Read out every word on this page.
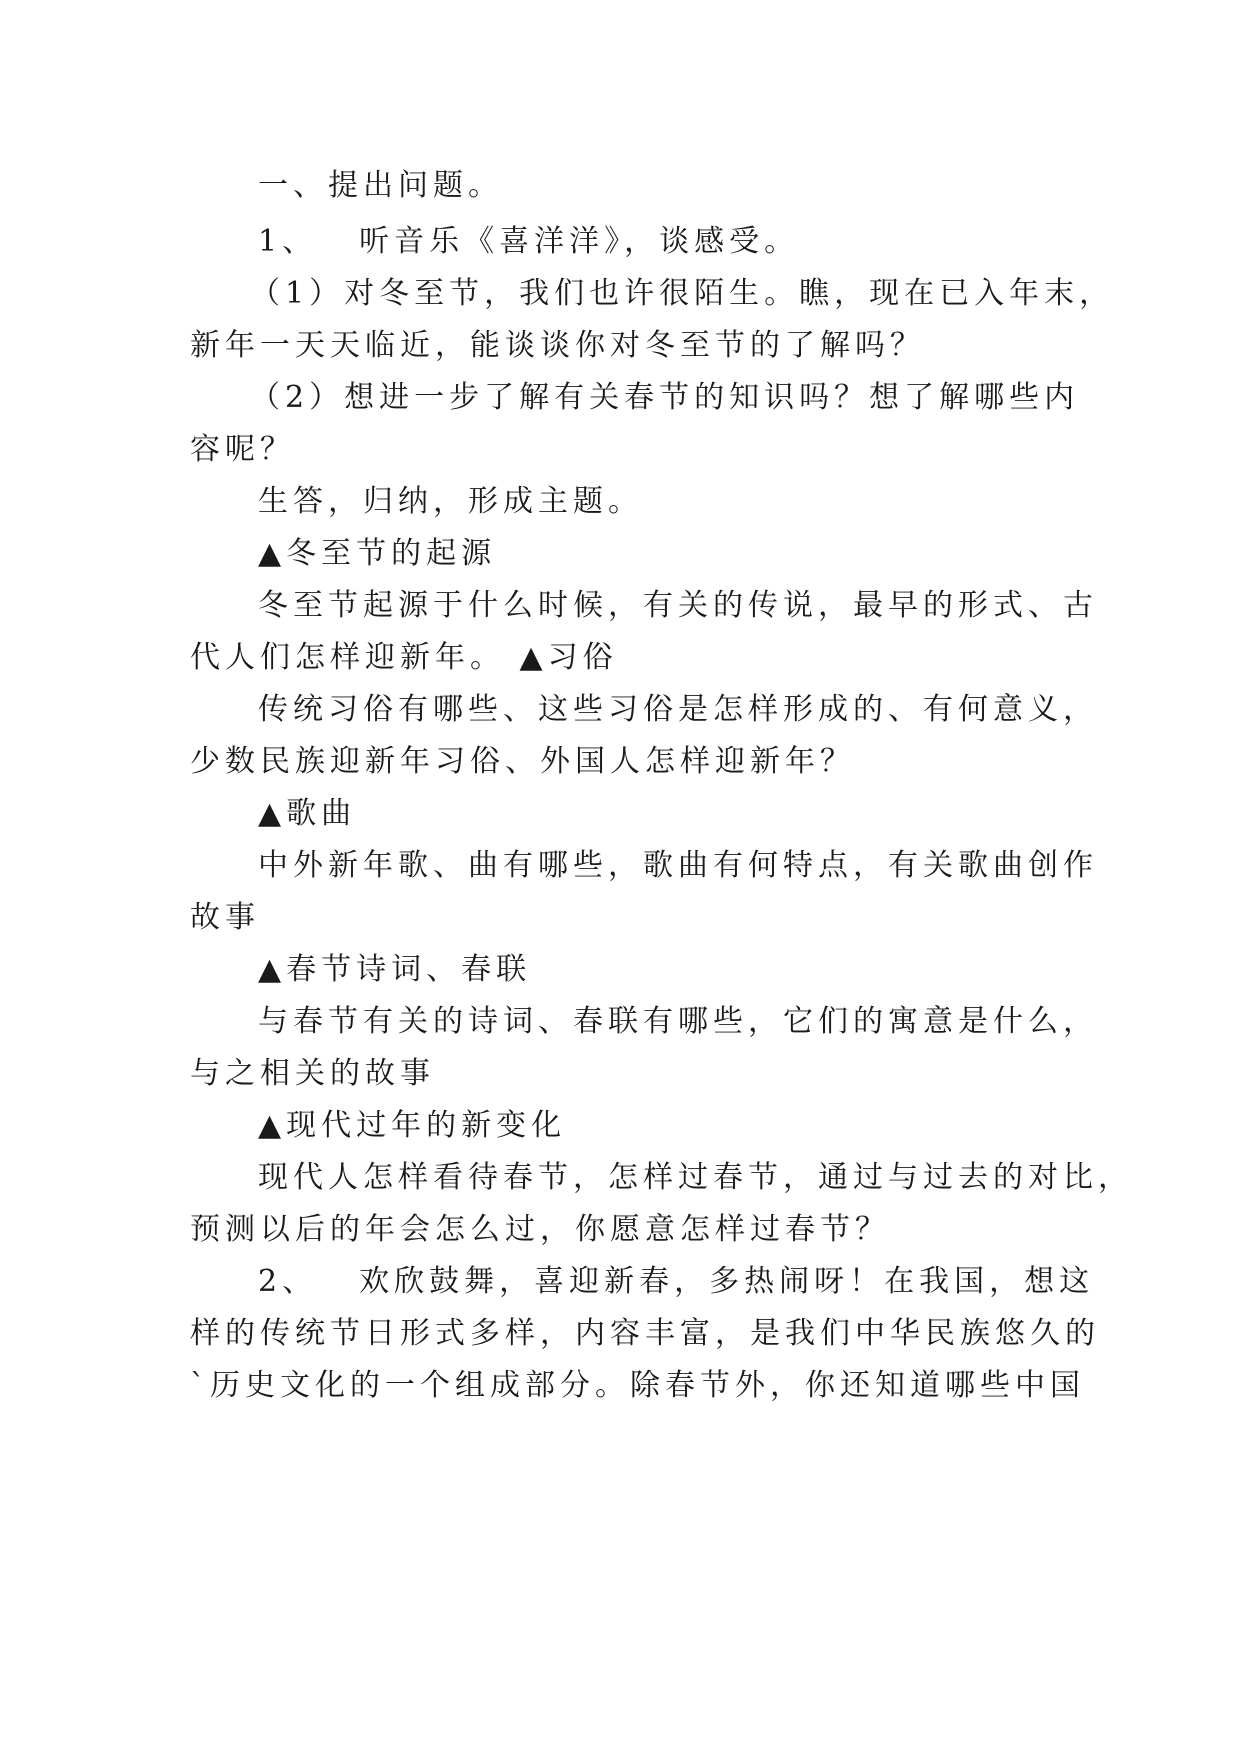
一、提出问题。

1、 听音乐《喜洋洋》，谈感受。

（1）对冬至节，我们也许很陌生。瞧，现在已入年末，

新年一天天临近，能谈谈你对冬至节的了解吗？

（2）想进一步了解有关春节的知识吗？想了解哪些内

容呢？

生答，归纳，形成主题。

▲冬至节的起源

冬至节起源于什么时候，有关的传说，最早的形式、古

代人们怎样迎新年。 ▲习俗

传统习俗有哪些、这些习俗是怎样形成的、有何意义，

少数民族迎新年习俗、外国人怎样迎新年？

▲歌曲

中外新年歌、曲有哪些，歌曲有何特点，有关歌曲创作

故事

▲春节诗词、春联

与春节有关的诗词、春联有哪些，它们的寓意是什么，

与之相关的故事

▲现代过年的新变化

现代人怎样看待春节，怎样过春节，通过与过去的对比，

预测以后的年会怎么过，你愿意怎样过春节？

2、 欢欣鼓舞，喜迎新春，多热闹呀！在我国，想这

样的传统节日形式多样，内容丰富，是我们中华民族悠久的

`历史文化的一个组成部分。除春节外，你还知道哪些中国
